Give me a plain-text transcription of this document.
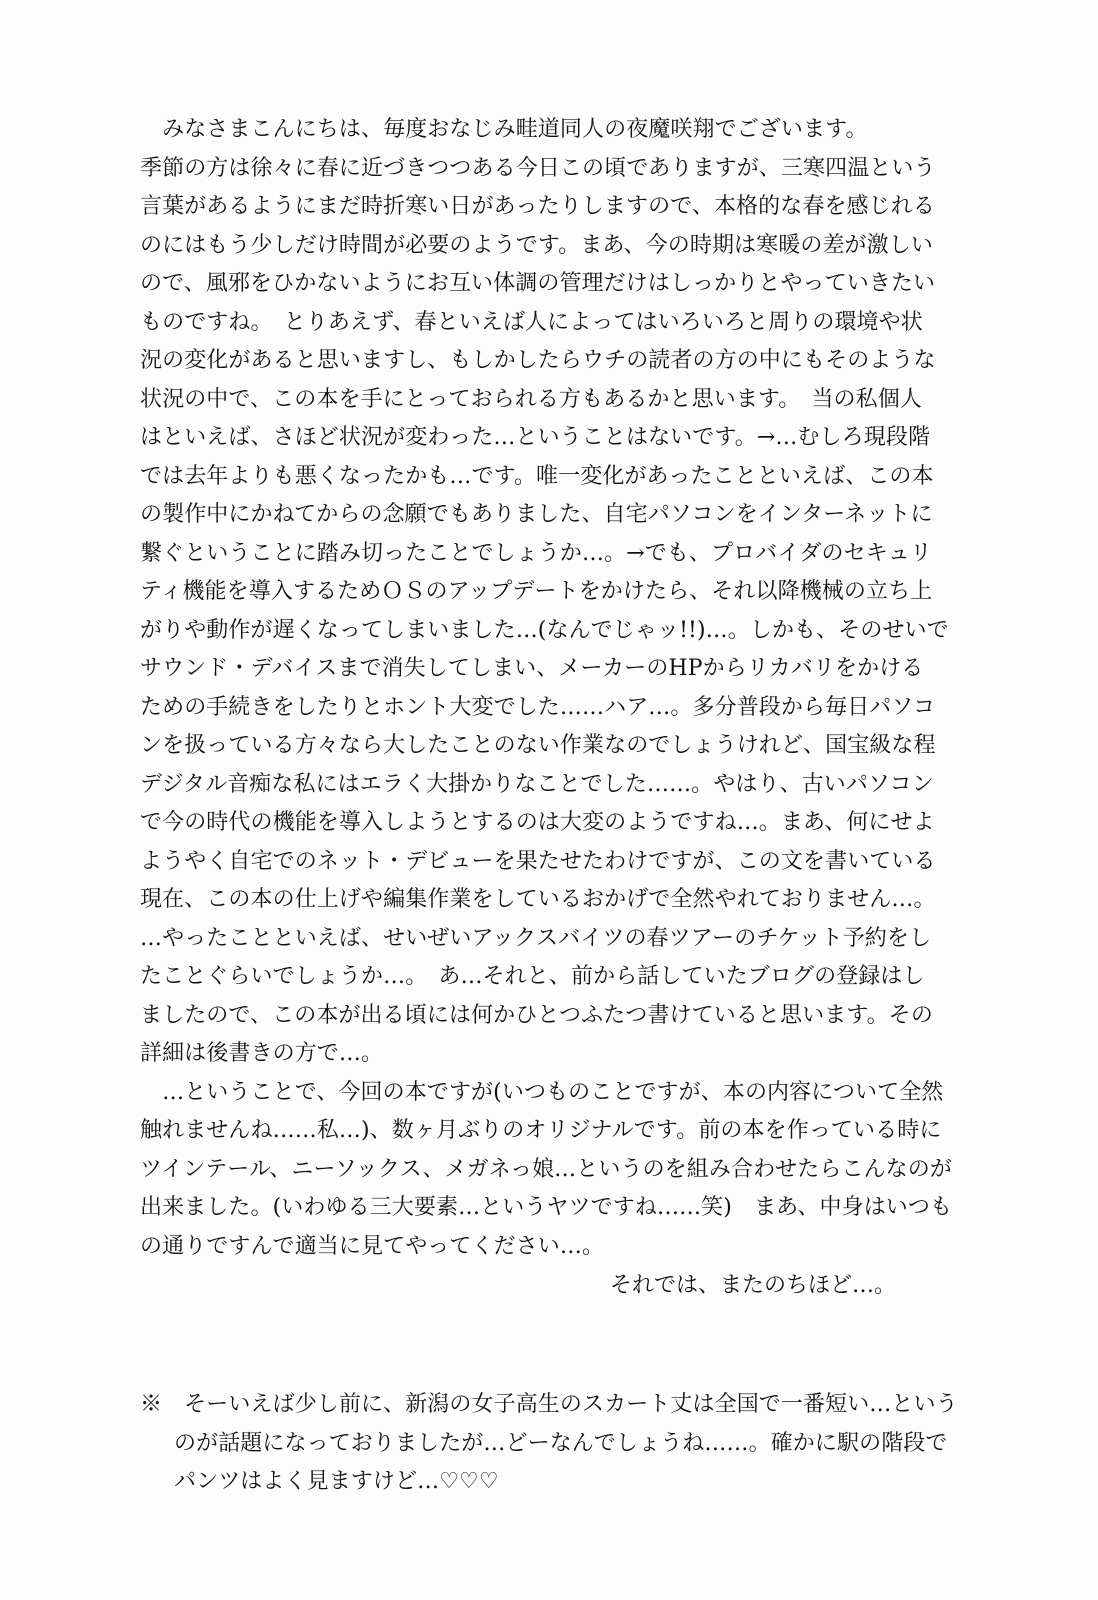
　みなさまこんにちは、毎度おなじみ畦道同人の夜魔咲翔でございます。
季節の方は徐々に春に近づきつつある今日この頃でありますが、三寒四温という
言葉があるようにまだ時折寒い日があったりしますので、本格的な春を感じれる
のにはもう少しだけ時間が必要のようです。まあ、今の時期は寒暖の差が激しい
ので、風邪をひかないようにお互い体調の管理だけはしっかりとやっていきたい
ものですね。　とりあえず、春といえば人によってはいろいろと周りの環境や状
況の変化があると思いますし、もしかしたらウチの読者の方の中にもそのような
状況の中で、この本を手にとっておられる方もあるかと思います。　当の私個人
はといえば、さほど状況が変わった…ということはないです。→…むしろ現段階
では去年よりも悪くなったかも…です。唯一変化があったことといえば、この本
の製作中にかねてからの念願でもありました、自宅パソコンをインターネットに
繋ぐということに踏み切ったことでしょうか…。→でも、プロバイダのセキュリ
ティ機能を導入するためＯＳのアップデートをかけたら、それ以降機械の立ち上
がりや動作が遅くなってしまいました…(なんでじゃッ!!)…。しかも、そのせいで
サウンド・デバイスまで消失してしまい、メーカーのHPからリカバリをかける
ための手続きをしたりとホント大変でした……ハア…。多分普段から毎日パソコ
ンを扱っている方々なら大したことのない作業なのでしょうけれど、国宝級な程
デジタル音痴な私にはエラく大掛かりなことでした……。やはり、古いパソコン
で今の時代の機能を導入しようとするのは大変のようですね…。まあ、何にせよ
ようやく自宅でのネット・デビューを果たせたわけですが、この文を書いている
現在、この本の仕上げや編集作業をしているおかげで全然やれておりません…。
…やったことといえば、せいぜいアックスバイツの春ツアーのチケット予約をし
たことぐらいでしょうか…。　あ…それと、前から話していたブログの登録はし
ましたので、この本が出る頃には何かひとつふたつ書けていると思います。その
詳細は後書きの方で…。
　…ということで、今回の本ですが(いつものことですが、本の内容について全然
触れませんね……私…)、数ヶ月ぶりのオリジナルです。前の本を作っている時に
ツインテール、ニーソックス、メガネっ娘…というのを組み合わせたらこんなのが
出来ました。(いわゆる三大要素…というヤツですね……笑)　まあ、中身はいつも
の通りですんで適当に見てやってください…。
それでは、またのちほど…。
※　そーいえば少し前に、新潟の女子高生のスカート丈は全国で一番短い…という
のが話題になっておりましたが…どーなんでしょうね……。確かに駅の階段で
パンツはよく見ますけど…♡♡♡
